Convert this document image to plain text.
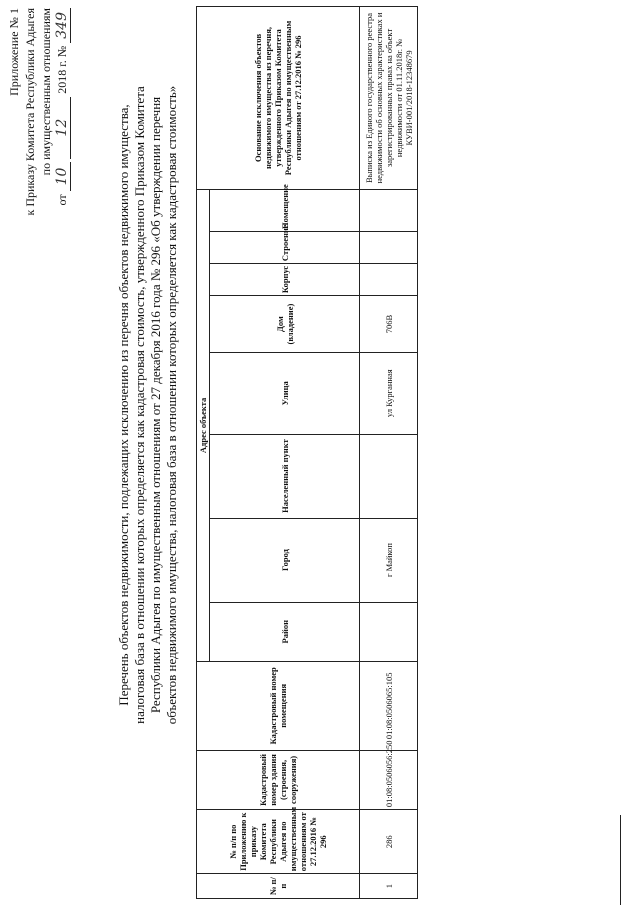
Приложение № 1 к Приказу Комитета Республики Адыгея по имущественным отношениям
от 10 12 2018 г. № 349
Перечень объектов недвижимости, подлежащих исключению из перечня объектов недвижимого имущества, налоговая база в отношении которых определяется как кадастровая стоимость, утвержденного Приказом Комитета Республики Адыгея по имущественным отношениям от 27 декабря 2016 года № 296 «Об утверждении перечня объектов недвижимого имущества, налоговая база в отношении которых определяется как кадастровая стоимость»
№ п/п	№ п/п по Приложению к приказу Комитета Республики Адыгея по имущественным отношениям от 27.12.2016 № 296	Кадастровый номер здания (строения, сооружения)	Кадастровый номер помещения	Адрес объекта								Основание исключения объектов недвижимого имущества из перечня, утвержденного Приказом Комитета Республики Адыгея по имущественным отношениям от 27.12.2016 № 296
				Район	Город	Населенный пункт	Улица	Дом (владение)	Корпус	Строение	Помещение	
1	286	01:08:0506056:250	01:08:0506065:105		г Майкоп		ул Курганная	706В				Выписка из Единого государственного реестра недвижимости об основных характеристиках и зарегистрированных правах на объект недвижимости от 01.11.2018г. № КУВИ-001/2018-12348679
